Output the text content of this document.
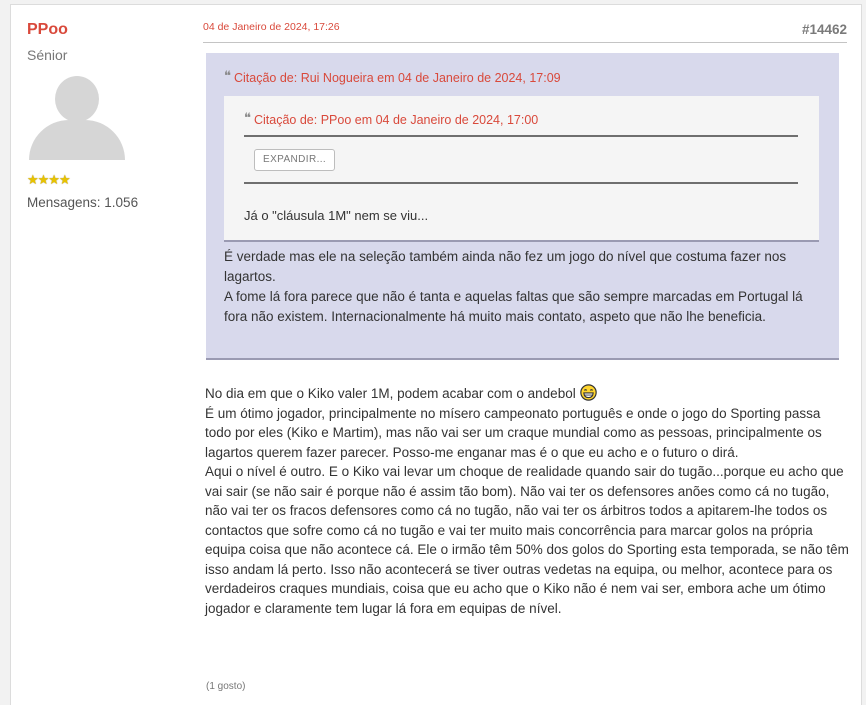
PPoo
Sénior
★★★★
Mensagens: 1.056
04 de Janeiro de 2024, 17:26	#14462
❝ Citação de: Rui Nogueira em 04 de Janeiro de 2024, 17:09
❝ Citação de: PPoo em 04 de Janeiro de 2024, 17:00
EXPANDIR...
Já o "cláusula 1M" nem se viu...
É verdade mas ele na seleção também ainda não fez um jogo do nível que costuma fazer nos lagartos.
A fome lá fora parece que não é tanta e aquelas faltas que são sempre marcadas em Portugal lá fora não existem. Internacionalmente há muito mais contato, aspeto que não lhe beneficia.
No dia em que o Kiko valer 1M, podem acabar com o andebol
É um ótimo jogador, principalmente no mísero campeonato português e onde o jogo do Sporting passa todo por eles (Kiko e Martim), mas não vai ser um craque mundial como as pessoas, principalmente os lagartos querem fazer parecer. Posso-me enganar mas é o que eu acho e o futuro o dirá.
Aqui o nível é outro. E o Kiko vai levar um choque de realidade quando sair do tugão...porque eu acho que vai sair (se não sair é porque não é assim tão bom). Não vai ter os defensores anões como cá no tugão, não vai ter os fracos defensores como cá no tugão, não vai ter os árbitros todos a apitarem-lhe todos os contactos que sofre como cá no tugão e vai ter muito mais concorrência para marcar golos na própria equipa coisa que não acontece cá. Ele o irmão têm 50% dos golos do Sporting esta temporada, se não têm isso andam lá perto. Isso não acontecerá se tiver outras vedetas na equipa, ou melhor, acontece para os verdadeiros craques mundiais, coisa que eu acho que o Kiko não é nem vai ser, embora ache um ótimo jogador e claramente tem lugar lá fora em equipas de nível.
(1 gosto)
